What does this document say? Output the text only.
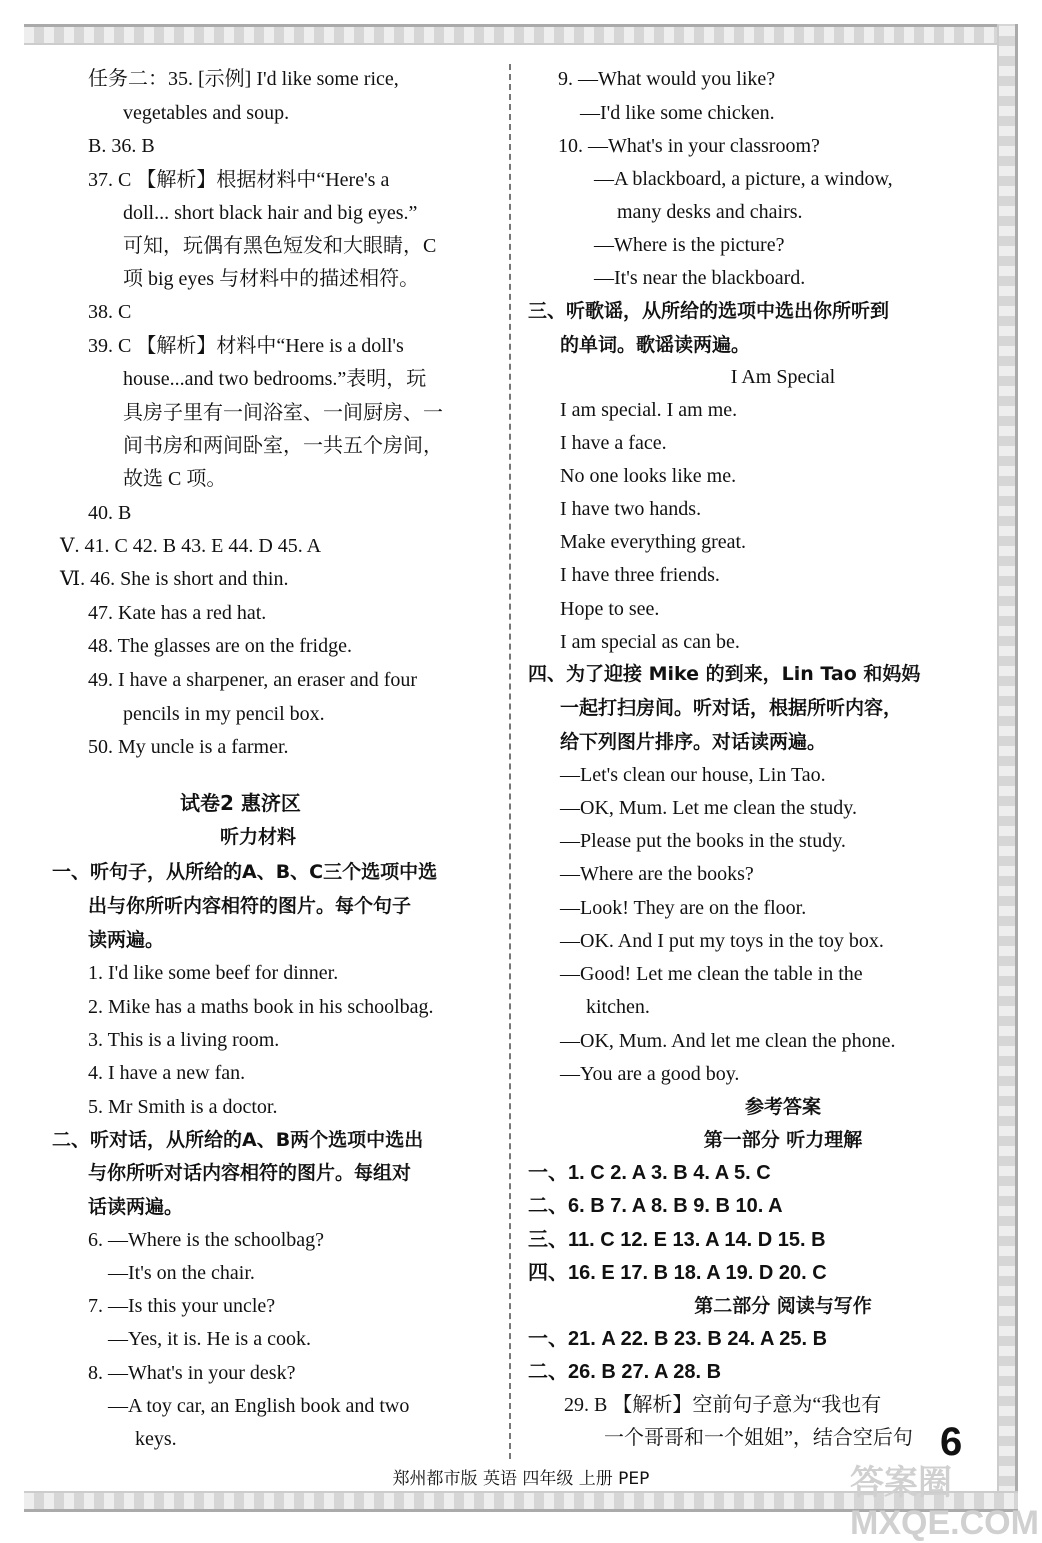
任务二：35. [示例] I'd like some rice,
vegetables and soup.
B. 36. B
37. C 【解析】根据材料中“Here's a
doll... short black hair and big eyes.”
可知，玩偶有黑色短发和大眼睛，C
项 big eyes 与材料中的描述相符。
38. C
39. C 【解析】材料中“Here is a doll's
house...and two bedrooms.”表明，玩
具房子里有一间浴室、一间厨房、一
间书房和两间卧室，一共五个房间，
故选 C 项。
40. B
Ⅴ. 41. C 42. B 43. E 44. D 45. A
Ⅵ. 46. She is short and thin.
47. Kate has a red hat.
48. The glasses are on the fridge.
49. I have a sharpener, an eraser and four
pencils in my pencil box.
50. My uncle is a farmer.
试卷2 惠济区
听力材料
一、听句子，从所给的A、B、C三个选项中选
出与你所听内容相符的图片。每个句子
读两遍。
1. I'd like some beef for dinner.
2. Mike has a maths book in his schoolbag.
3. This is a living room.
4. I have a new fan.
5. Mr Smith is a doctor.
二、听对话，从所给的A、B两个选项中选出
与你所听对话内容相符的图片。每组对
话读两遍。
6. —Where is the schoolbag?
—It's on the chair.
7. —Is this your uncle?
—Yes, it is. He is a cook.
8. —What's in your desk?
—A toy car, an English book and two
keys.
9. —What would you like?
—I'd like some chicken.
10. —What's in your classroom?
—A blackboard, a picture, a window,
many desks and chairs.
—Where is the picture?
—It's near the blackboard.
三、听歌谣，从所给的选项中选出你所听到
的单词。歌谣读两遍。
I Am Special
I am special. I am me.
I have a face.
No one looks like me.
I have two hands.
Make everything great.
I have three friends.
Hope to see.
I am special as can be.
四、为了迎接 Mike 的到来，Lin Tao 和妈妈
一起打扫房间。听对话，根据所听内容，
给下列图片排序。对话读两遍。
—Let's clean our house, Lin Tao.
—OK, Mum. Let me clean the study.
—Please put the books in the study.
—Where are the books?
—Look! They are on the floor.
—OK. And I put my toys in the toy box.
—Good! Let me clean the table in the
kitchen.
—OK, Mum. And let me clean the phone.
—You are a good boy.
参考答案
第一部分 听力理解
一、1. C 2. A 3. B 4. A 5. C
二、6. B 7. A 8. B 9. B 10. A
三、11. C 12. E 13. A 14. D 15. B
四、16. E 17. B 18. A 19. D 20. C
第二部分 阅读与写作
一、21. A 22. B 23. B 24. A 25. B
二、26. B 27. A 28. B
29. B 【解析】空前句子意为“我也有
一个哥哥和一个姐姐”，结合空后句
答案圈 MXQE.COM
6
郑州都市版 英语 四年级 上册 PEP
